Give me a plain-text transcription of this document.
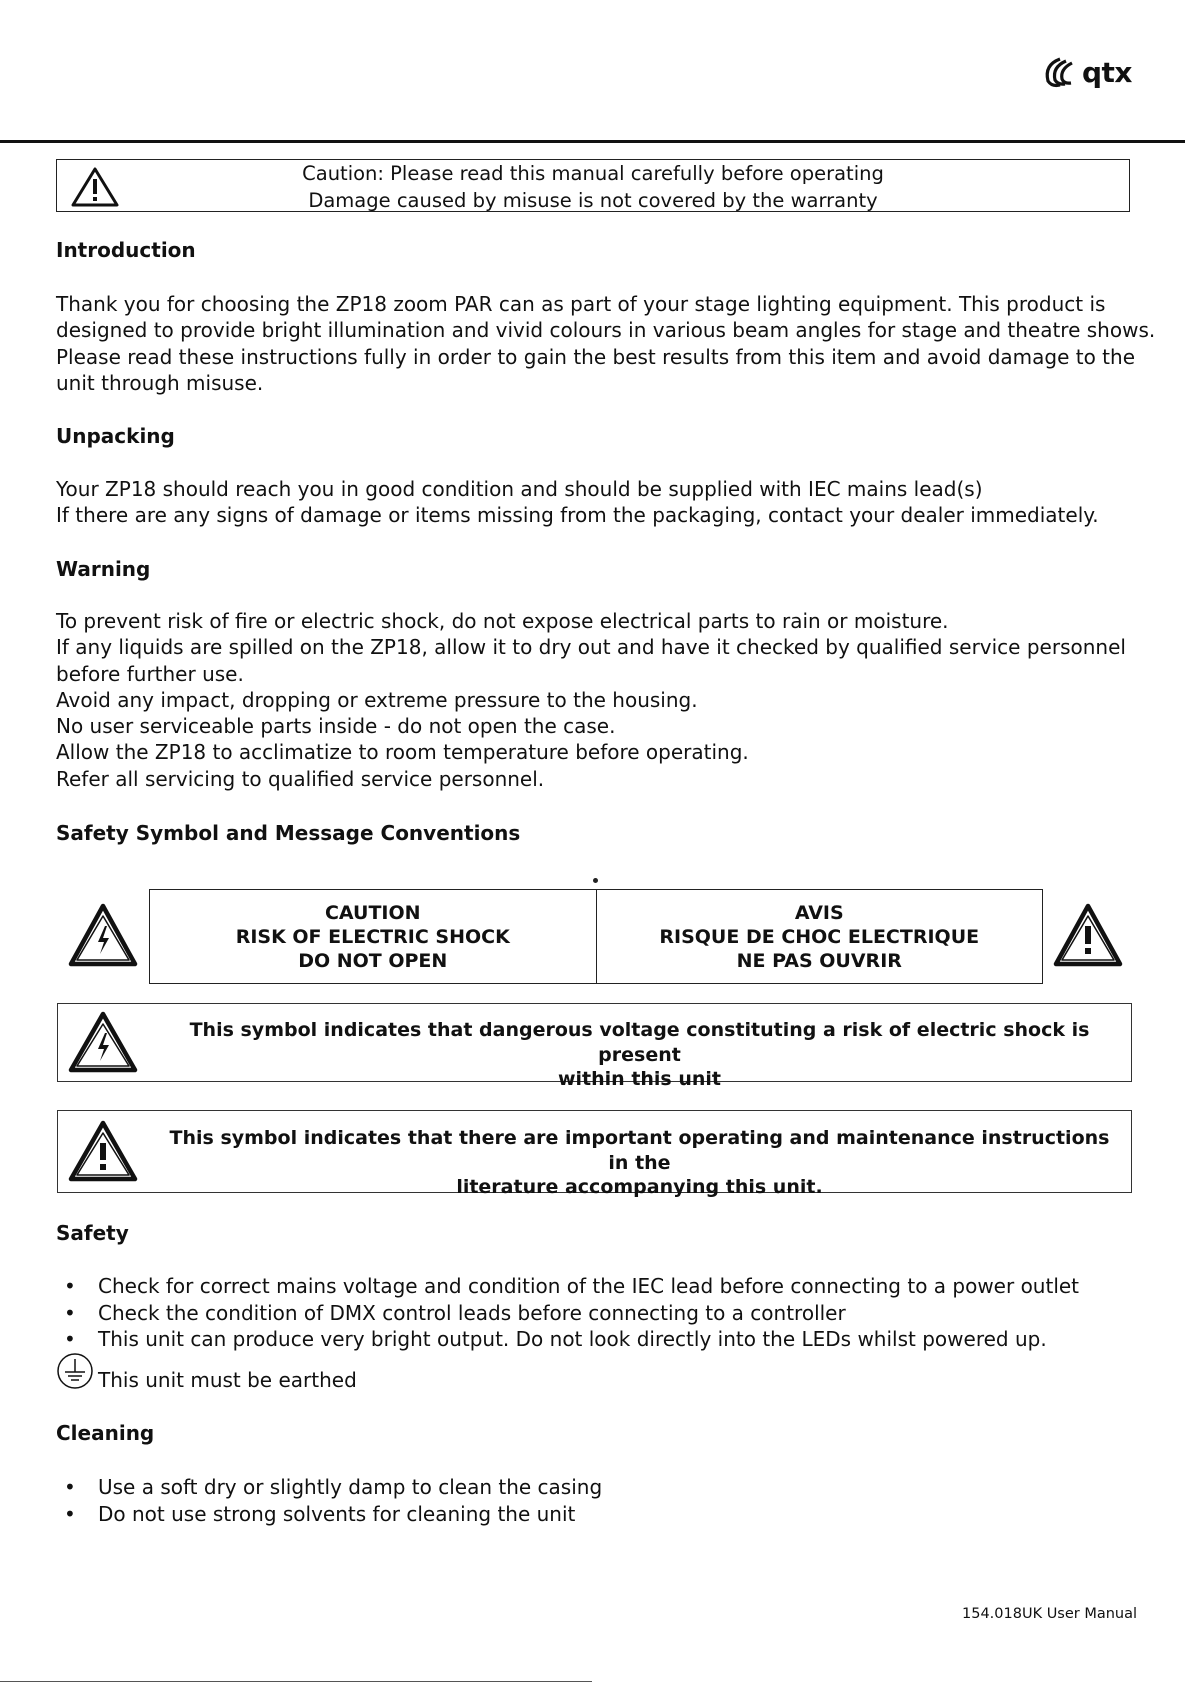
qtx
Caution: Please read this manual carefully before operating
Damage caused by misuse is not covered by the warranty
Introduction
Thank you for choosing the ZP18 zoom PAR can as part of your stage lighting equipment. This product is
designed to provide bright illumination and vivid colours in various beam angles for stage and theatre shows.
Please read these instructions fully in order to gain the best results from this item and avoid damage to the
unit through misuse.
Unpacking
Your ZP18 should reach you in good condition and should be supplied with IEC mains lead(s)
If there are any signs of damage or items missing from the packaging, contact your dealer immediately.
Warning
To prevent risk of fire or electric shock, do not expose electrical parts to rain or moisture.
If any liquids are spilled on the ZP18, allow it to dry out and have it checked by qualified service personnel
before further use.
Avoid any impact, dropping or extreme pressure to the housing.
No user serviceable parts inside - do not open the case.
Allow the ZP18 to acclimatize to room temperature before operating.
Refer all servicing to qualified service personnel.
Safety Symbol and Message Conventions
CAUTION
RISK OF ELECTRIC SHOCK
DO NOT OPEN
AVIS
RISQUE DE CHOC ELECTRIQUE
NE PAS OUVRIR
This symbol indicates that dangerous voltage constituting a risk of electric shock is present
within this unit
This symbol indicates that there are important operating and maintenance instructions in the
literature accompanying this unit.
Safety
•	Check for correct mains voltage and condition of the IEC lead before connecting to a power outlet
•	Check the condition of DMX control leads before connecting to a controller
•	This unit can produce very bright output. Do not look directly into the LEDs whilst powered up.
This unit must be earthed
Cleaning
•	Use a soft dry or slightly damp to clean the casing
•	Do not use strong solvents for cleaning the unit
154.018UK User Manual
